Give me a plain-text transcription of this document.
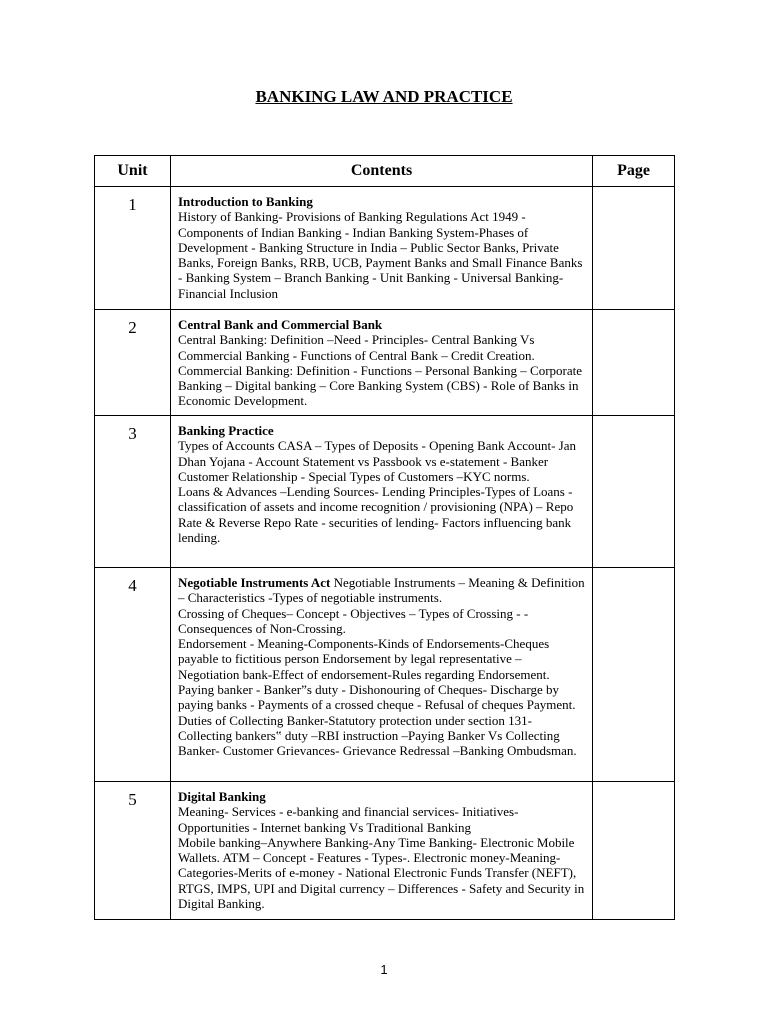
BANKING LAW AND PRACTICE
Unit	Contents	Page
1	Introduction to Banking
History of Banking- Provisions of Banking Regulations Act 1949 - Components of Indian Banking - Indian Banking System-Phases of Development - Banking Structure in India – Public Sector Banks, Private Banks, Foreign Banks, RRB, UCB, Payment Banks and Small Finance Banks - Banking System – Branch Banking - Unit Banking - Universal Banking- Financial Inclusion	

2	Central Bank and Commercial Bank
Central Banking: Definition –Need - Principles- Central Banking Vs Commercial Banking - Functions of Central Bank – Credit Creation. Commercial Banking: Definition - Functions – Personal Banking – Corporate Banking – Digital banking – Core Banking System (CBS) - Role of Banks in Economic Development.	

3	Banking Practice
Types of Accounts CASA – Types of Deposits - Opening Bank Account- Jan Dhan Yojana - Account Statement vs Passbook vs e-statement - Banker Customer Relationship - Special Types of Customers –KYC norms.
Loans & Advances –Lending Sources- Lending Principles-Types of Loans - classification of assets and income recognition / provisioning (NPA) – Repo Rate & Reverse Repo Rate - securities of lending- Factors influencing bank lending.	

4	Negotiable Instruments Act Negotiable Instruments – Meaning & Definition – Characteristics -Types of negotiable instruments.
Crossing of Cheques– Concept - Objectives – Types of Crossing - - Consequences of Non-Crossing.
Endorsement - Meaning-Components-Kinds of Endorsements-Cheques payable to fictitious person Endorsement by legal representative – Negotiation bank-Effect of endorsement-Rules regarding Endorsement. Paying banker - Banker”s duty - Dishonouring of Cheques- Discharge by paying banks - Payments of a crossed cheque - Refusal of cheques Payment. Duties of Collecting Banker-Statutory protection under section 131-Collecting bankers‟ duty –RBI instruction –Paying Banker Vs Collecting Banker- Customer Grievances- Grievance Redressal –Banking Ombudsman.	

5	Digital Banking
Meaning- Services - e-banking and financial services- Initiatives- Opportunities - Internet banking Vs Traditional Banking
Mobile banking–Anywhere Banking-Any Time Banking- Electronic Mobile Wallets. ATM – Concept - Features - Types-. Electronic money-Meaning-Categories-Merits of e-money - National Electronic Funds Transfer (NEFT), RTGS, IMPS, UPI and Digital currency – Differences - Safety and Security in Digital Banking.	

1
